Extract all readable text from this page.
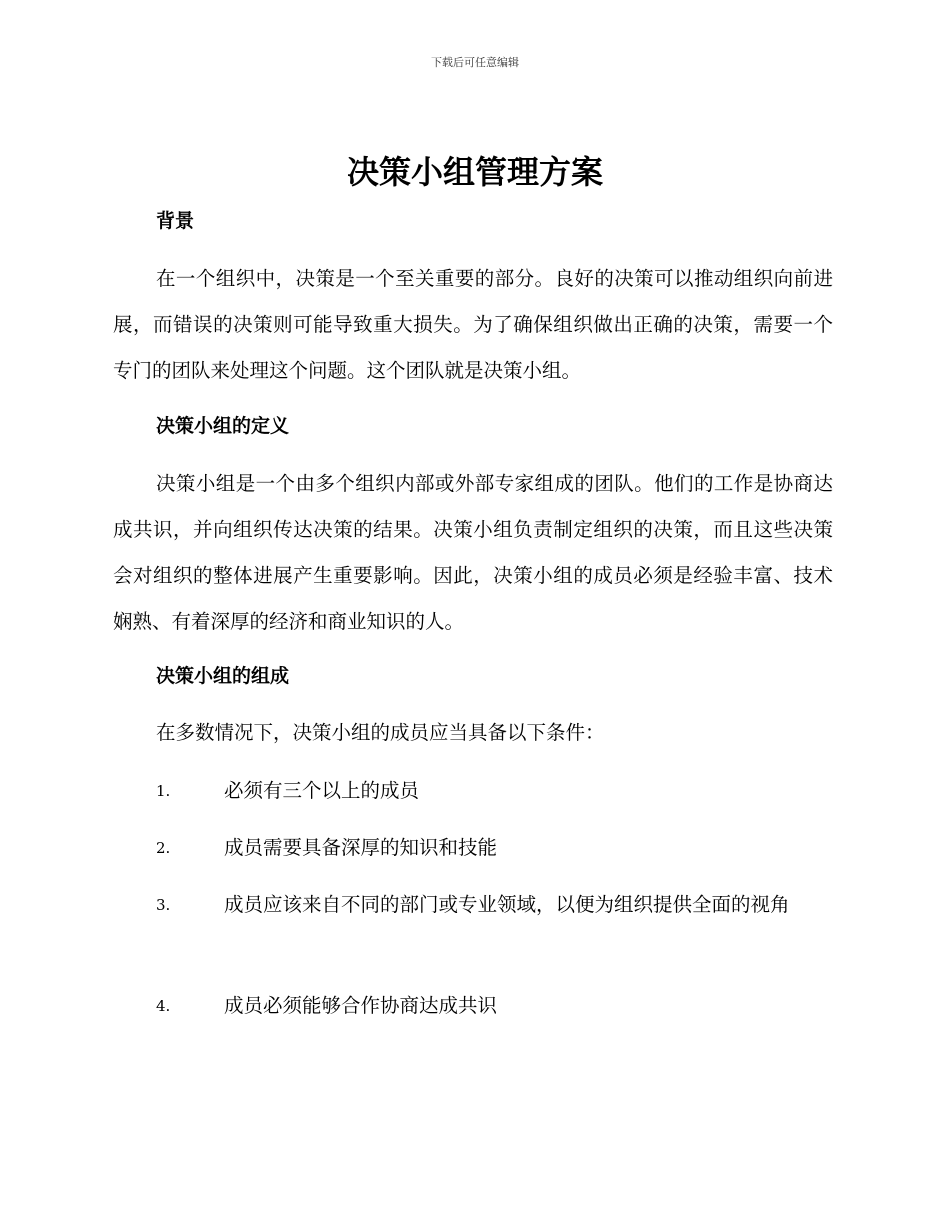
下载后可任意编辑
决策小组管理方案
背景

在一个组织中，决策是一个至关重要的部分。良好的决策可以推动组织向前进展，而错误的决策则可能导致重大损失。为了确保组织做出正确的决策，需要一个专门的团队来处理这个问题。这个团队就是决策小组。

决策小组的定义

决策小组是一个由多个组织内部或外部专家组成的团队。他们的工作是协商达成共识，并向组织传达决策的结果。决策小组负责制定组织的决策，而且这些决策会对组织的整体进展产生重要影响。因此，决策小组的成员必须是经验丰富、技术娴熟、有着深厚的经济和商业知识的人。

决策小组的组成

在多数情况下，决策小组的成员应当具备以下条件：

1.	必须有三个以上的成员
2.	成员需要具备深厚的知识和技能
3.	成员应该来自不同的部门或专业领域，以便为组织提供全面的视角
4.	成员必须能够合作协商达成共识
